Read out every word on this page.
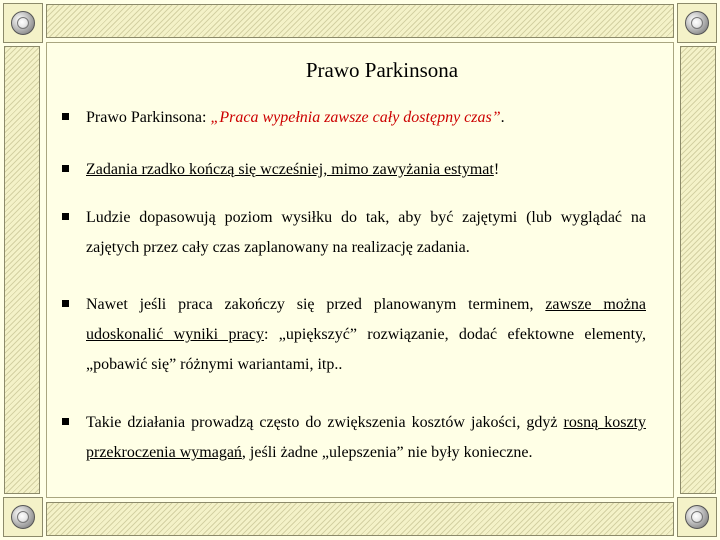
Prawo Parkinsona
Prawo Parkinsona: „Praca wypełnia zawsze cały dostępny czas”.
Zadania rzadko kończą się wcześniej, mimo zawyżania estymat!
Ludzie dopasowują poziom wysiłku do tak, aby być zajętymi (lub wyglądać na zajętych przez cały czas zaplanowany na realizację zadania.
Nawet jeśli praca zakończy się przed planowanym terminem, zawsze można udoskonalić wyniki pracy: „upiększyć” rozwiązanie, dodać efektowne elementy, „pobawić się” różnymi wariantami, itp..
Takie działania prowadzą często do zwiększenia kosztów jakości, gdyż rosną koszty przekroczenia wymagań, jeśli żadne „ulepszenia” nie były konieczne.
